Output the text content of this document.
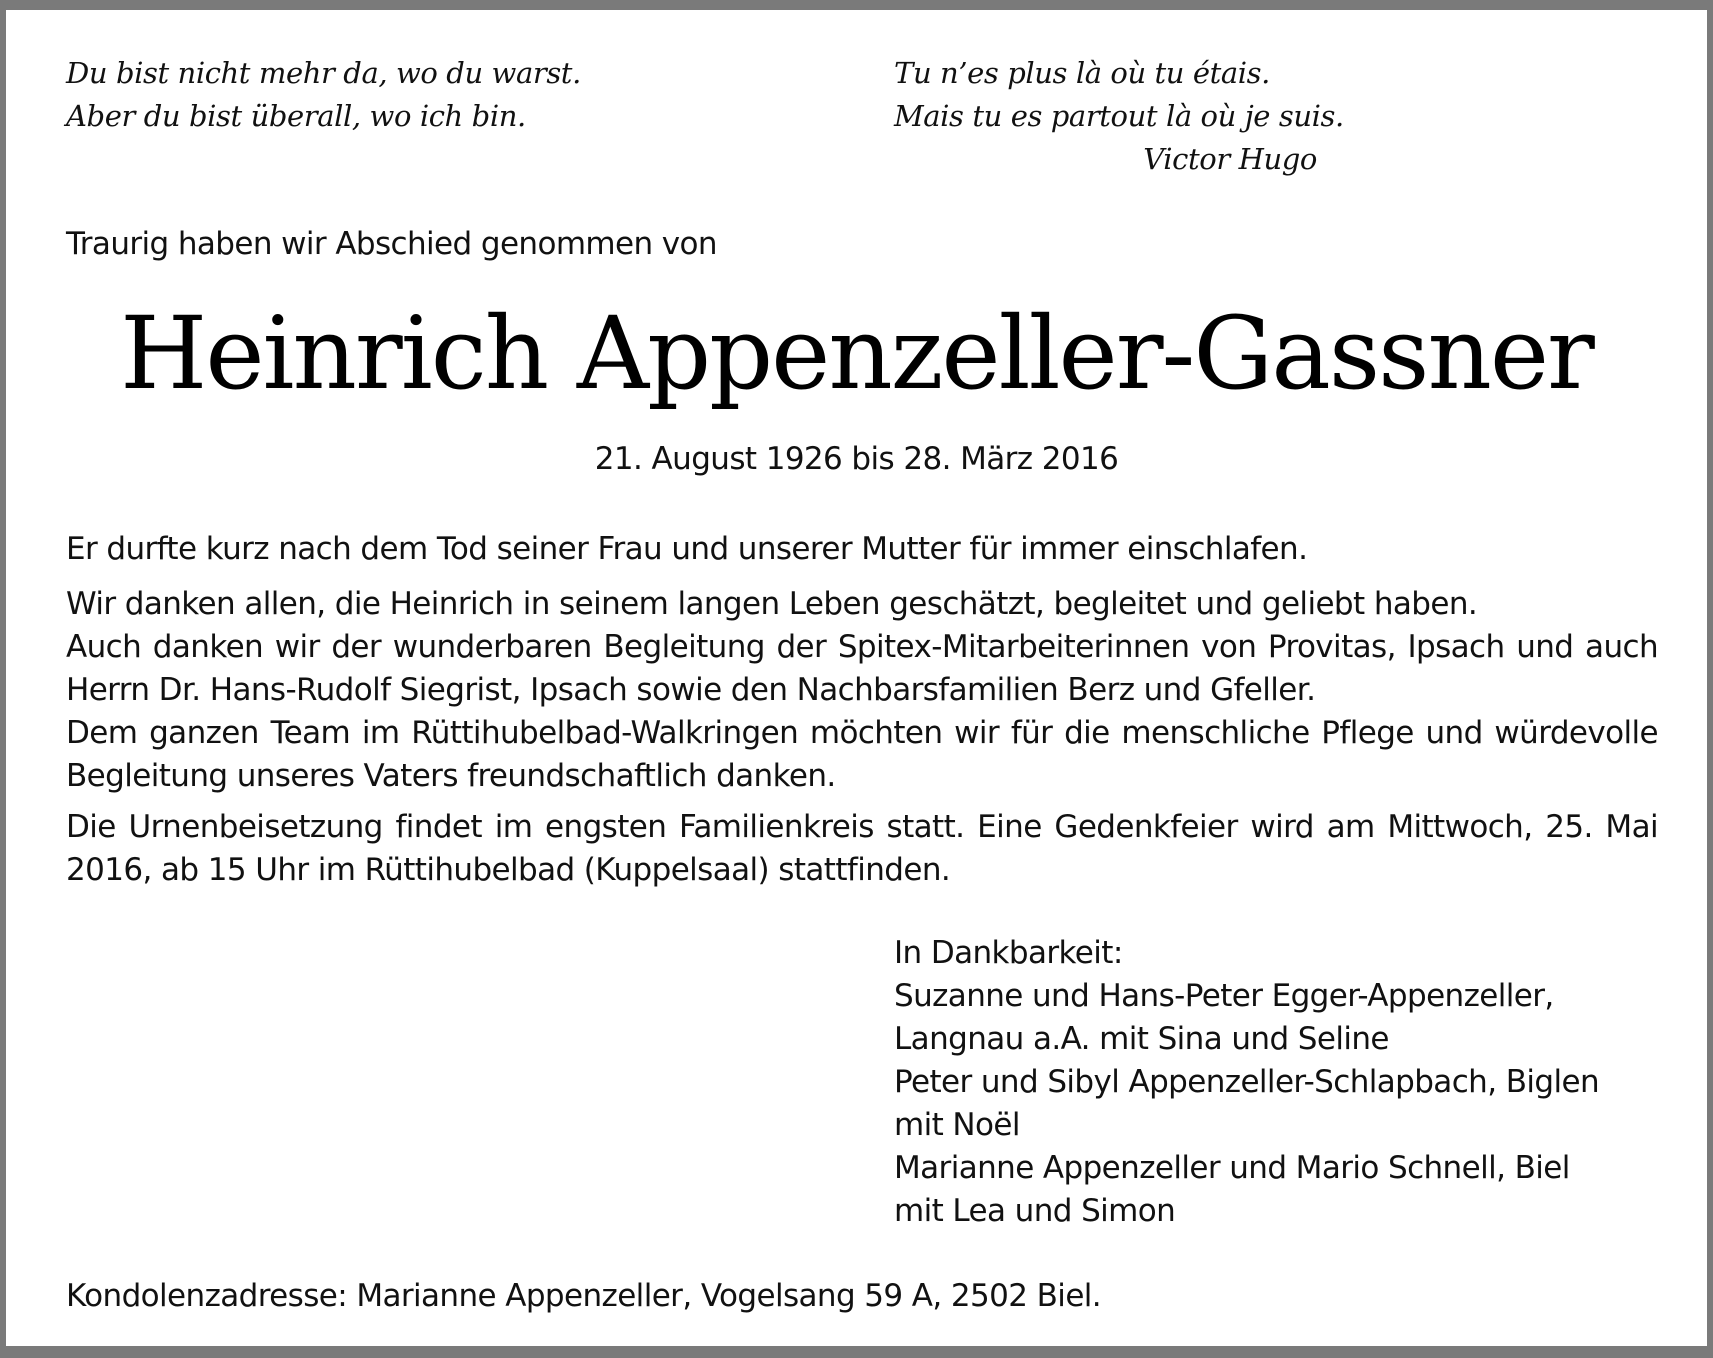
Du bist nicht mehr da, wo du warst.
Aber du bist überall, wo ich bin.
Tu n’es plus là où tu étais.
Mais tu es partout là où je suis.
Victor Hugo
Traurig haben wir Abschied genommen von
Heinrich Appenzeller-Gassner
21. August 1926 bis 28. März 2016
Er durfte kurz nach dem Tod seiner Frau und unserer Mutter für immer einschlafen.
Wir danken allen, die Heinrich in seinem langen Leben geschätzt, begleitet und geliebt haben.
Auch danken wir der wunderbaren Begleitung der Spitex-Mitarbeiterinnen von Provitas, Ipsach und auch Herrn Dr. Hans-Rudolf Siegrist, Ipsach sowie den Nachbarsfamilien Berz und Gfeller.
Dem ganzen Team im Rüttihubelbad-Walkringen möchten wir für die menschliche Pflege und würdevolle Begleitung unseres Vaters freundschaftlich danken.
Die Urnenbeisetzung findet im engsten Familienkreis statt. Eine Gedenkfeier wird am Mittwoch, 25. Mai 2016, ab 15 Uhr im Rüttihubelbad (Kuppelsaal) stattfinden.
In Dankbarkeit:
Suzanne und Hans-Peter Egger-Appenzeller,
Langnau a.A. mit Sina und Seline
Peter und Sibyl Appenzeller-Schlapbach, Biglen
mit Noël
Marianne Appenzeller und Mario Schnell, Biel
mit Lea und Simon
Kondolenzadresse: Marianne Appenzeller, Vogelsang 59 A, 2502 Biel.
